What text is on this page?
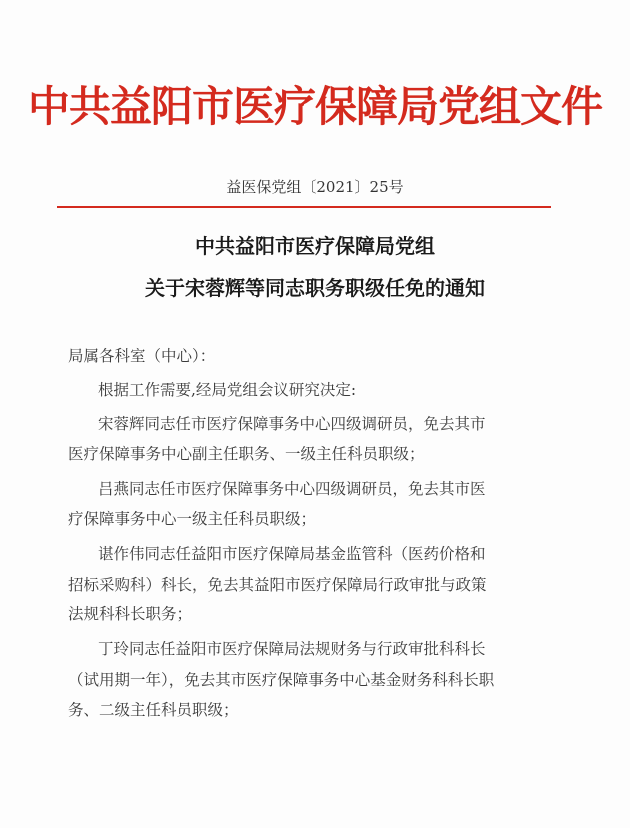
中共益阳市医疗保障局党组文件
益医保党组〔2021〕25号
中共益阳市医疗保障局党组
关于宋蓉辉等同志职务职级任免的通知
局属各科室（中心）：
根据工作需要,经局党组会议研究决定:
宋蓉辉同志任市医疗保障事务中心四级调研员，免去其市
医疗保障事务中心副主任职务、一级主任科员职级；
吕燕同志任市医疗保障事务中心四级调研员，免去其市医
疗保障事务中心一级主任科员职级；
谌作伟同志任益阳市医疗保障局基金监管科（医药价格和
招标采购科）科长，免去其益阳市医疗保障局行政审批与政策
法规科科长职务；
丁玲同志任益阳市医疗保障局法规财务与行政审批科科长
（试用期一年），免去其市医疗保障事务中心基金财务科科长职
务、二级主任科员职级；
